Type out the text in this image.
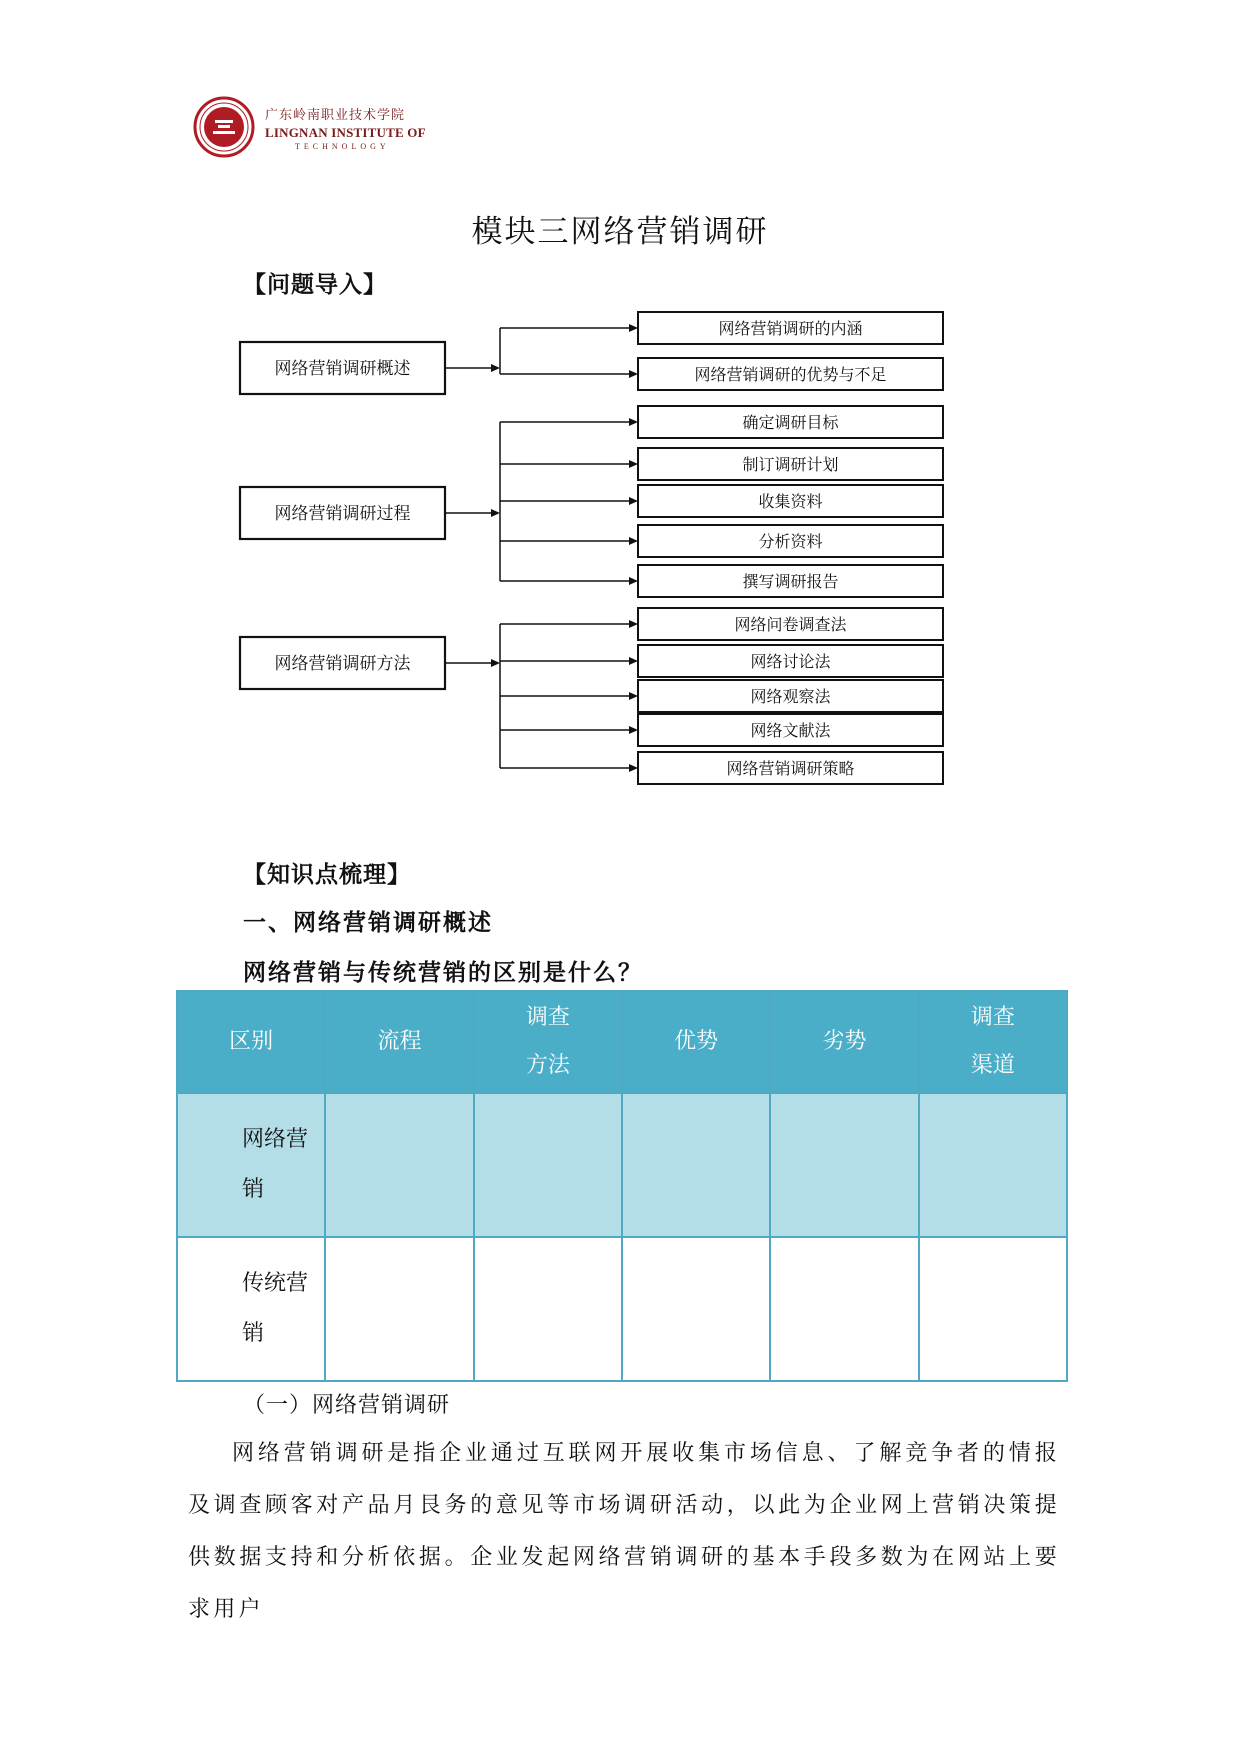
广东岭南职业技术学院
LINGNAN INSTITUTE OF
TECHNOLOGY
模块三网络营销调研
【问题导入】
网络营销调研概述
网络营销调研的内涵
网络营销调研的优势与不足
网络营销调研过程
确定调研目标
制订调研计划
收集资料
分析资料
撰写调研报告
网络营销调研方法
网络问卷调查法
网络讨论法
网络观察法
网络文献法
网络营销调研策略
【知识点梳理】
一、网络营销调研概述
网络营销与传统营销的区别是什么？
区别	流程	调查方法	优势	劣势	调查渠道
网络营销					
传统营销					
（一）网络营销调研
网络营销调研是指企业通过互联网开展收集市场信息、了解竞争者的情报及调查顾客对产品月艮务的意见等市场调研活动，以此为企业网上营销决策提供数据支持和分析依据。企业发起网络营销调研的基本手段多数为在网站上要求用户
